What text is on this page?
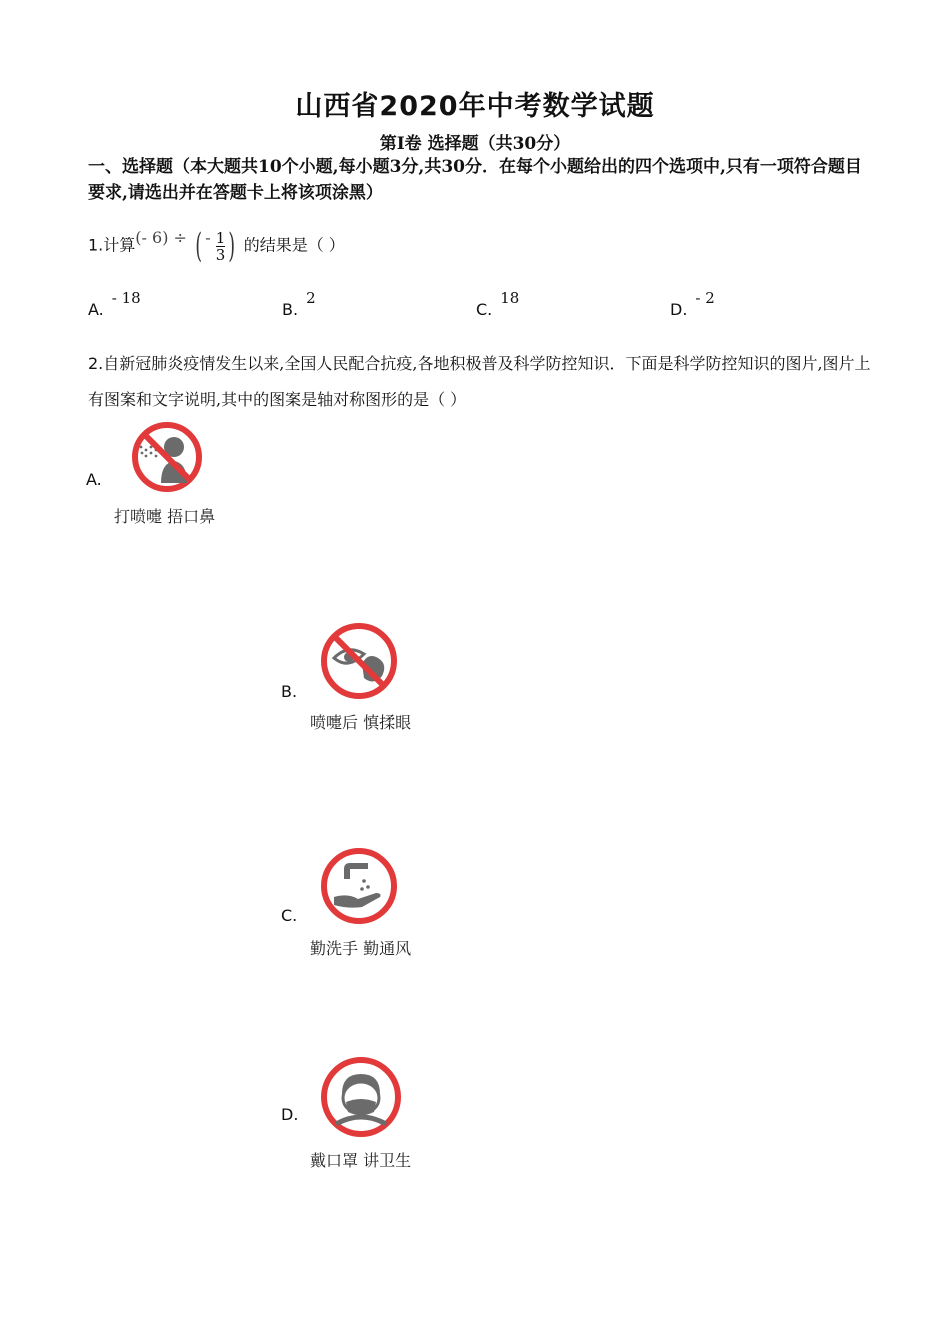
山西省2020年中考数学试题
第I卷 选择题（共30分）
一、选择题（本大题共10个小题,每小题3分,共30分．在每个小题给出的四个选项中,只有一项符合题目要求,请选出并在答题卡上将该项涂黑）
1.计算(- 6) ÷ ( - $\frac{1}{3}$ ) 的结果是（ ）
A.- 18
B.2
C.18
D.- 2
2.自新冠肺炎疫情发生以来,全国人民配合抗疫,各地积极普及科学防控知识．下面是科学防控知识的图片,图片上有图案和文字说明,其中的图案是轴对称图形的是（ ）
A.
打喷嚏 捂口鼻
B.
喷嚏后 慎揉眼
C.
勤洗手 勤通风
D.
戴口罩 讲卫生
